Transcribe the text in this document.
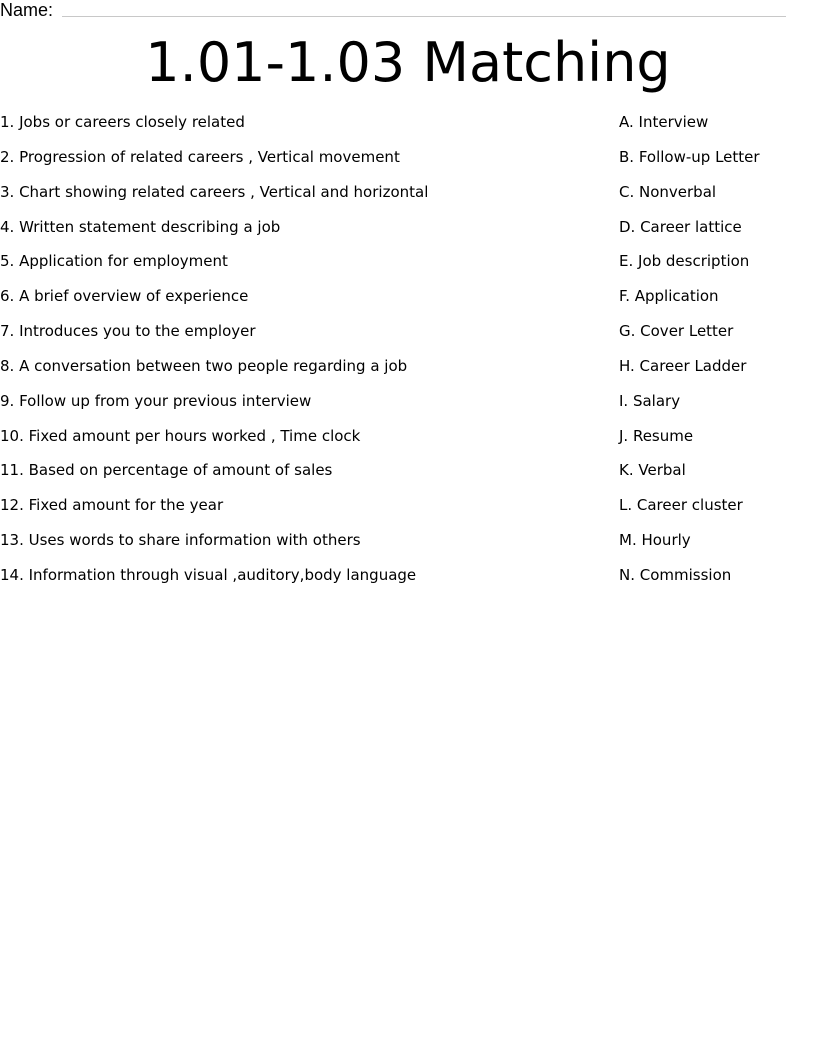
Name:
1.01-1.03 Matching
1. Jobs or careers closely related
2. Progression of related careers , Vertical movement
3. Chart showing related careers , Vertical and horizontal
4. Written statement describing a job
5. Application for employment
6. A brief overview of experience
7. Introduces you to the employer
8. A conversation between two people regarding a job
9. Follow up from your previous interview
10. Fixed amount per hours worked , Time clock
11. Based on percentage of amount of sales
12. Fixed amount for the year
13. Uses words to share information with others
14. Information through visual ,auditory,body language
A. Interview
B. Follow-up Letter
C. Nonverbal
D. Career lattice
E. Job description
F. Application
G. Cover Letter
H. Career Ladder
I. Salary
J. Resume
K. Verbal
L. Career cluster
M. Hourly
N. Commission
